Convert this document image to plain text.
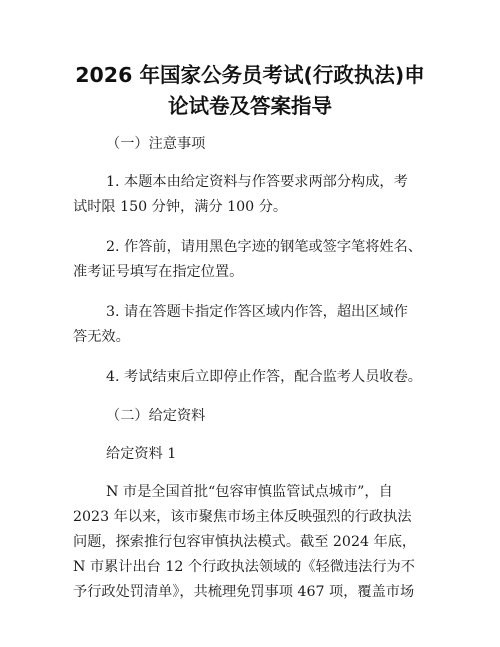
2026 年国家公务员考试(行政执法)申
论试卷及答案指导
（一）注意事项
1. 本题本由给定资料与作答要求两部分构成，考
试时限 150 分钟，满分 100 分。
2. 作答前，请用黑色字迹的钢笔或签字笔将姓名、
准考证号填写在指定位置。
3. 请在答题卡指定作答区域内作答，超出区域作
答无效。
4. 考试结束后立即停止作答，配合监考人员收卷。
（二）给定资料
给定资料 1
N 市是全国首批“包容审慎监管试点城市”，自
2023 年以来，该市聚焦市场主体反映强烈的行政执法
问题，探索推行包容审慎执法模式。截至 2024 年底，
N 市累计出台 12 个行政执法领域的《轻微违法行为不
予行政处罚清单》，共梳理免罚事项 467 项，覆盖市场
